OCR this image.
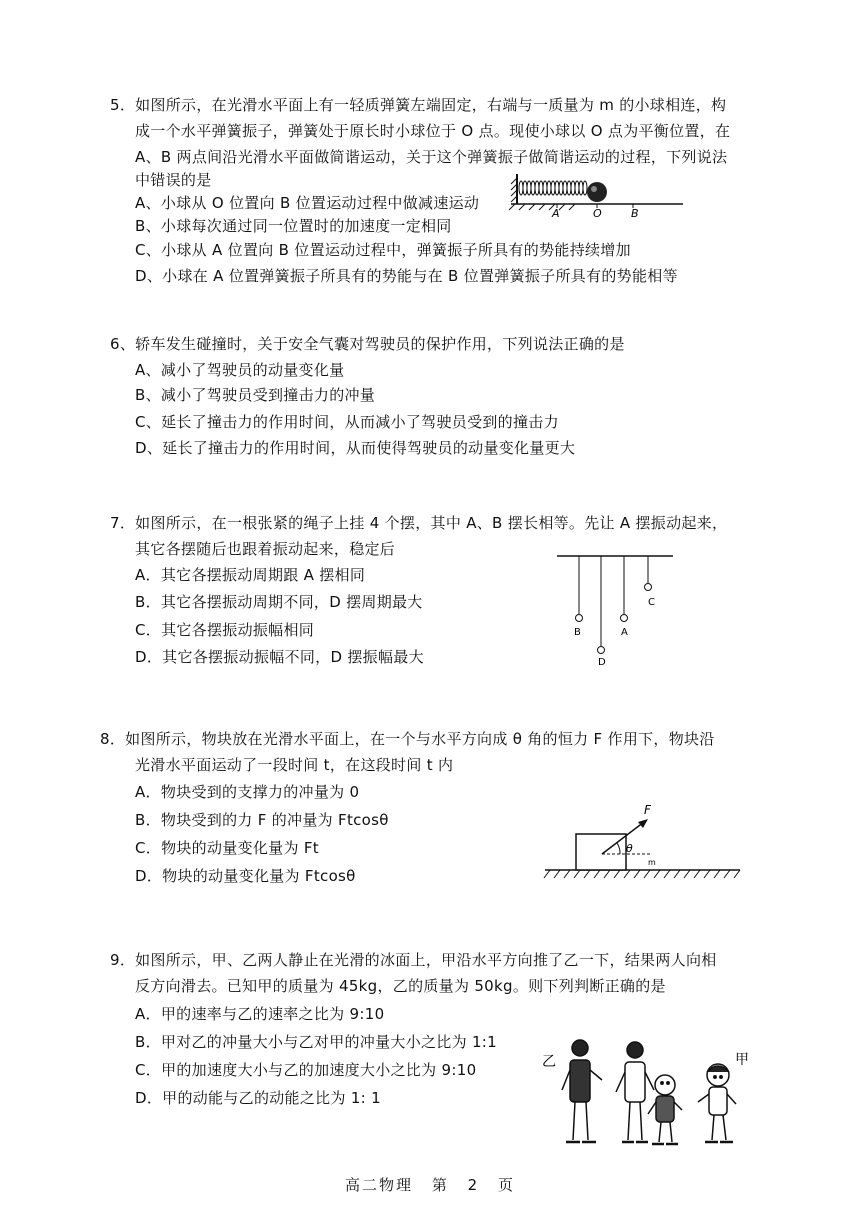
5．如图所示，在光滑水平面上有一轻质弹簧左端固定，右端与一质量为 m 的小球相连，构
成一个水平弹簧振子，弹簧处于原长时小球位于 O 点。现使小球以 O 点为平衡位置，在
A、B 两点间沿光滑水平面做简谐运动，关于这个弹簧振子做简谐运动的过程，下列说法
中错误的是
A、小球从 O 位置向 B 位置运动过程中做减速运动
B、小球每次通过同一位置时的加速度一定相同
C、小球从 A 位置向 B 位置运动过程中，弹簧振子所具有的势能持续增加
D、小球在 A 位置弹簧振子所具有的势能与在 B 位置弹簧振子所具有的势能相等
A	O	B
6、轿车发生碰撞时，关于安全气囊对驾驶员的保护作用，下列说法正确的是
A、减小了驾驶员的动量变化量
B、减小了驾驶员受到撞击力的冲量
C、延长了撞击力的作用时间，从而减小了驾驶员受到的撞击力
D、延长了撞击力的作用时间，从而使得驾驶员的动量变化量更大
7．如图所示，在一根张紧的绳子上挂 4 个摆，其中 A、B 摆长相等。先让 A 摆振动起来，
其它各摆随后也跟着振动起来，稳定后
A．其它各摆振动周期跟 A 摆相同
B．其它各摆振动周期不同，D 摆周期最大
C．其它各摆振动振幅相同
D．其它各摆振动振幅不同，D 摆振幅最大
B
D
A
C
8．如图所示，物块放在光滑水平面上，在一个与水平方向成 θ 角的恒力 F 作用下，物块沿
光滑水平面运动了一段时间 t，在这段时间 t 内
A．物块受到的支撑力的冲量为 0
B．物块受到的力 F 的冲量为 Ftcosθ
C．物块的动量变化量为 Ft
D．物块的动量变化量为 Ftcosθ
F
θ
m
9．如图所示，甲、乙两人静止在光滑的冰面上，甲沿水平方向推了乙一下，结果两人向相
反方向滑去。已知甲的质量为 45kg，乙的质量为 50kg。则下列判断正确的是
A．甲的速率与乙的速率之比为 9:10
B．甲对乙的冲量大小与乙对甲的冲量大小之比为 1:1
C．甲的加速度大小与乙的加速度大小之比为 9:10
D．甲的动能与乙的动能之比为 1: 1
乙	甲
高二物理 第 2 页
